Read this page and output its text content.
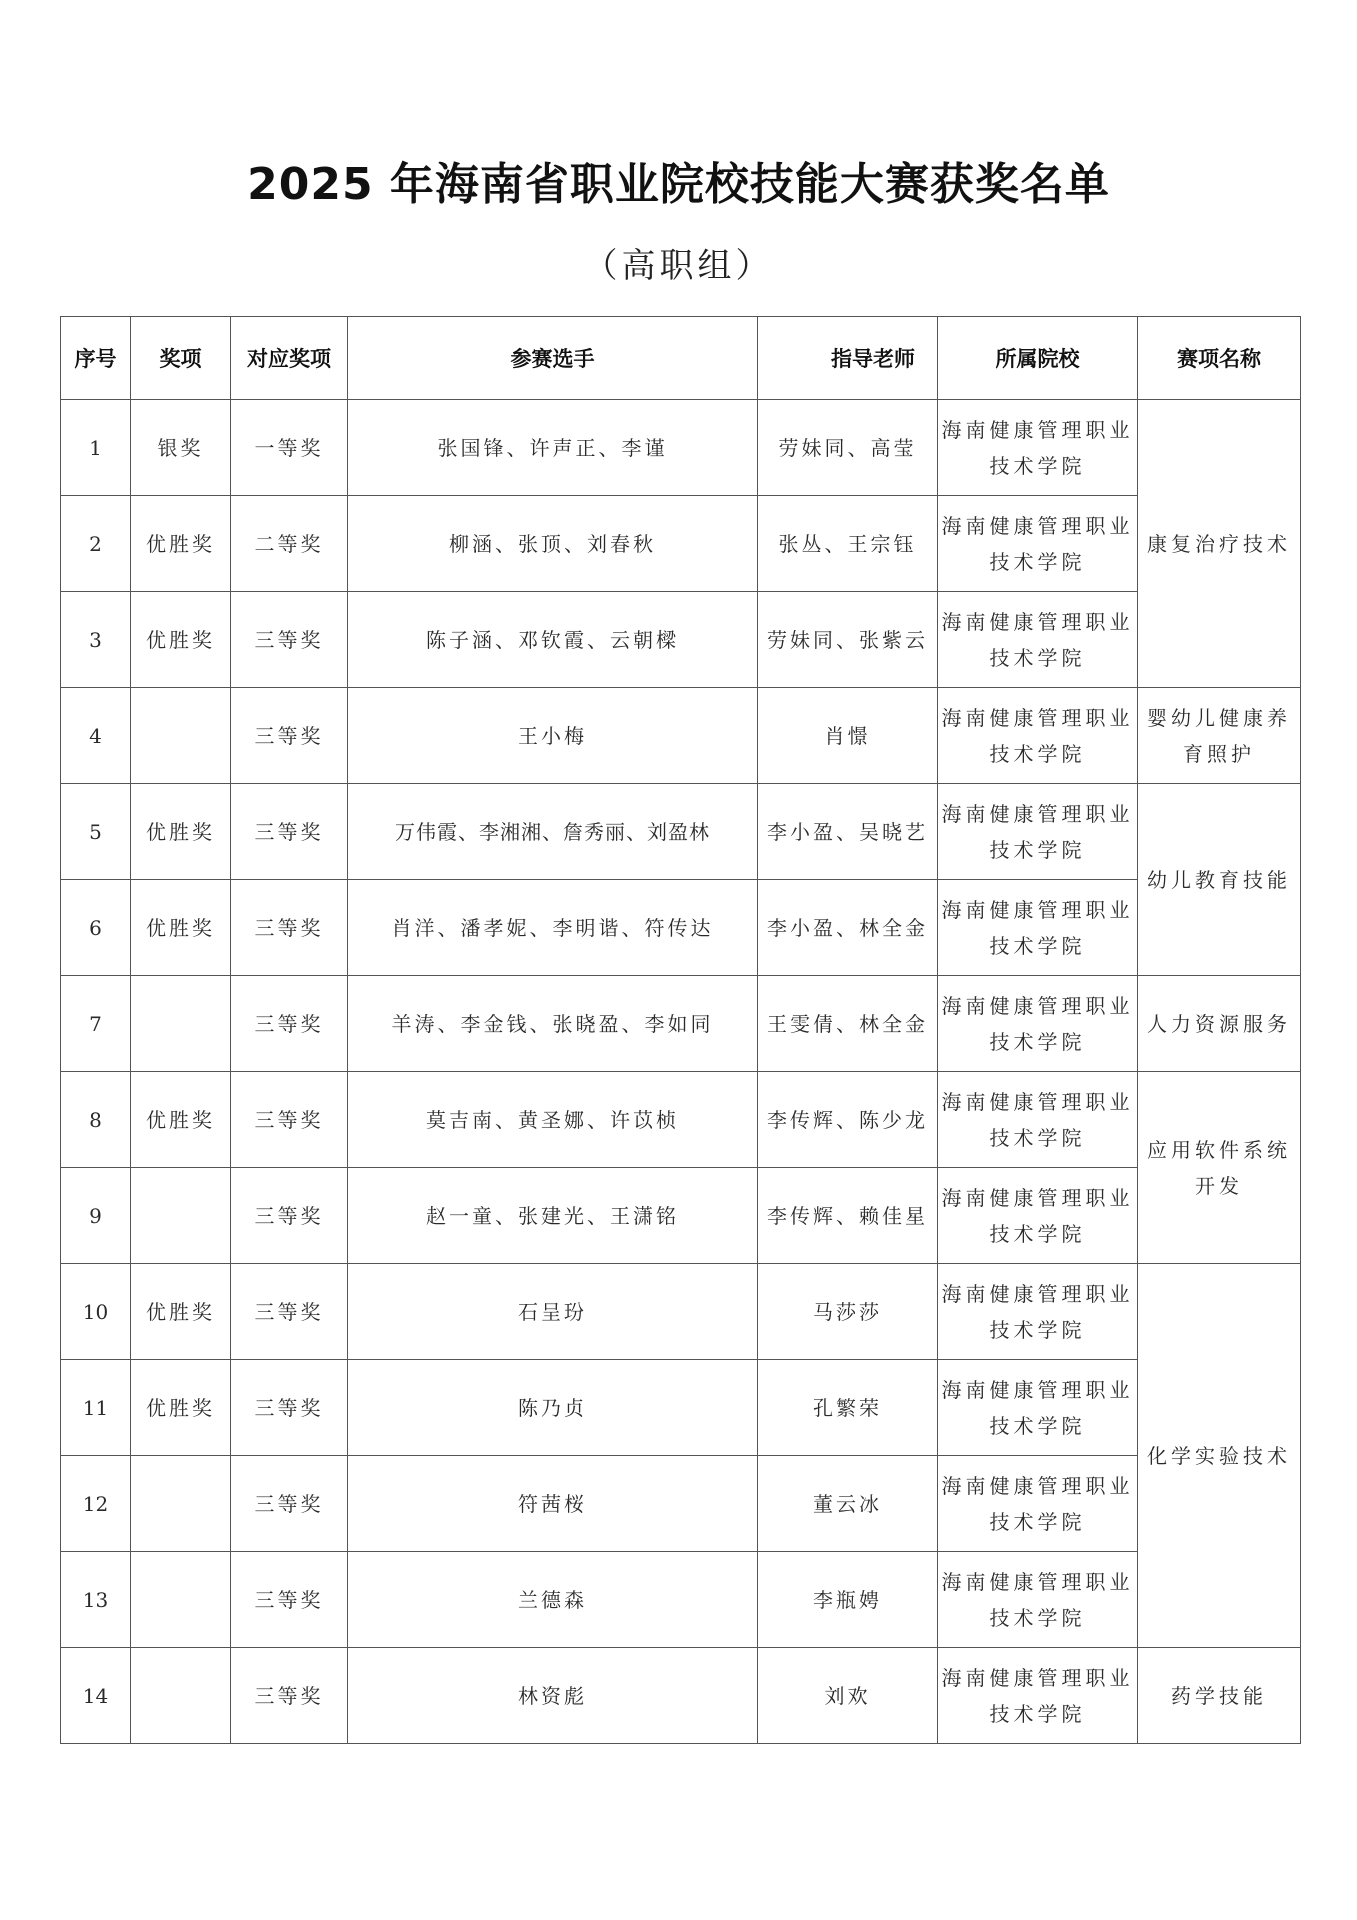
2025 年海南省职业院校技能大赛获奖名单
（高职组）
序号	奖项	对应奖项	参赛选手	指导老师	所属院校	赛项名称
1	银奖	一等奖	张国锋、许声正、李谨	劳妹同、高莹	海南健康管理职业技术学院	康复治疗技术
2	优胜奖	二等奖	柳涵、张顶、刘春秋	张丛、王宗钰	海南健康管理职业技术学院	
3	优胜奖	三等奖	陈子涵、邓钦霞、云朝樑	劳妹同、张紫云	海南健康管理职业技术学院	
4		三等奖	王小梅	肖憬	海南健康管理职业技术学院	婴幼儿健康养育照护
5	优胜奖	三等奖	万伟霞、李湘湘、詹秀丽、刘盈林	李小盈、吴晓艺	海南健康管理职业技术学院	幼儿教育技能
6	优胜奖	三等奖	肖洋、潘孝妮、李明谐、符传达	李小盈、林全金	海南健康管理职业技术学院	
7		三等奖	羊涛、李金钱、张晓盈、李如同	王雯倩、林全金	海南健康管理职业技术学院	人力资源服务
8	优胜奖	三等奖	莫吉南、黄圣娜、许苡桢	李传辉、陈少龙	海南健康管理职业技术学院	应用软件系统开发
9		三等奖	赵一童、张建光、王潇铭	李传辉、赖佳星	海南健康管理职业技术学院	
10	优胜奖	三等奖	石呈玢	马莎莎	海南健康管理职业技术学院	化学实验技术
11	优胜奖	三等奖	陈乃贞	孔繁荣	海南健康管理职业技术学院	
12		三等奖	符茜桜	董云冰	海南健康管理职业技术学院	
13		三等奖	兰德森	李瓶娉	海南健康管理职业技术学院	
14		三等奖	林资彪	刘欢	海南健康管理职业技术学院	药学技能
